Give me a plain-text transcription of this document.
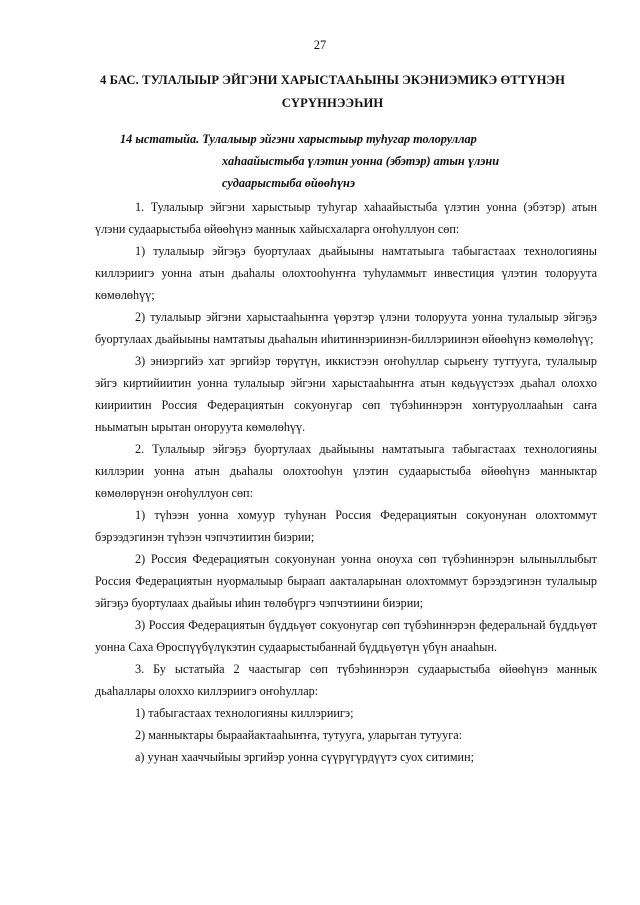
27
4 БАС. ТУЛАЛЫЫР ЭЙГЭНИ ХАРЫСТААҺЫНЫ ЭКЭНИЭМИКЭ ӨТТҮНЭН
СҮРҮННЭЭҺИН
14 ыстатыйа. Тулалыыр эйгэни харыстыыр туһугар толоруллар
хаһаайыстыба үлэтин уонна (эбэтэр) атын үлэни
судаарыстыба өйөөһүнэ

1. Тулалыыр эйгэни харыстыыр туһугар хаһаайыстыба үлэтин уонна (эбэтэр) атын үлэни судаарыстыба өйөөһүнэ маннык хайысхаларга оҥоһуллуон сөп:

1) тулалыыр эйгэҕэ буортулаах дьайыыны намтатыыга табыгастаах технологияны киллэриигэ уонна атын дьаһалы олохтооһуҥҥа туһуламмыт инвестиция үлэтин толоруута көмөлөһүү;

2) тулалыыр эйгэни харыстааһыҥҥа үөрэтэр үлэни толоруута уонна тулалыыр эйгэҕэ буортулаах дьайыыны намтатыы дьаһалын иһитиннэриинэн-биллэриинэн өйөөһүнэ көмөлөһүү;

3) эниэргийэ хат эргийэр төрүтүн, иккистээн оҥоһуллар сырьеҥу туттууга, тулалыыр эйгэ киртийиитин уонна тулалыыр эйгэни харыстааһыҥҥа атын көдьүүстээх дьаһал олоххо киириитин Россия Федерациятын сокуонугар сөп түбэһиннэрэн хонтуруоллааһын саҥа ньыматын ырытан оҥоруута көмөлөһүү.

2. Тулалыыр эйгэҕэ буортулаах дьайыыны намтатыыга табыгастаах технологияны киллэрии уонна атын дьаһалы олохтооһун үлэтин судаарыстыба өйөөһүнэ манныктар көмөлөрүнэн оҥоһуллуон сөп:

1) түһээн уонна хомуур туһунан Россия Федерациятын сокуонунан олохтоммут бэрээдэгинэн түһээн чэпчэтиитин биэрии;

2) Россия Федерациятын сокуонунан уонна оноуха сөп түбэһиннэрэн ылыныллыбыт Россия Федерациятын нуормалыыр быраап аакталарынан олохтоммут бэрээдэгинэн тулалыыр эйгэҕэ буортулаах дьайыы иһин төлөбүргэ чэпчэтиини биэрии;

3) Россия Федерациятын бүддьүөт сокуонугар сөп түбэһиннэрэн федеральнай бүддьүөт уонна Саха Өроспүүбүлүкэтин судаарыстыбаннай бүддьүөтүн үбүн анааһын.

3. Бу ыстатыйа 2 чаастыгар сөп түбэһиннэрэн судаарыстыба өйөөһүнэ маннык дьаһаллары олоххо киллэриигэ оҥоһуллар:

1) табыгастаах технологияны киллэриигэ;

2) манныктары быраайактааһыҥҥа, тутууга, уларытан тутууга:

а) уунан хааччыйыы эргийэр уонна сүүрүгүрдүүтэ суох ситимин;
